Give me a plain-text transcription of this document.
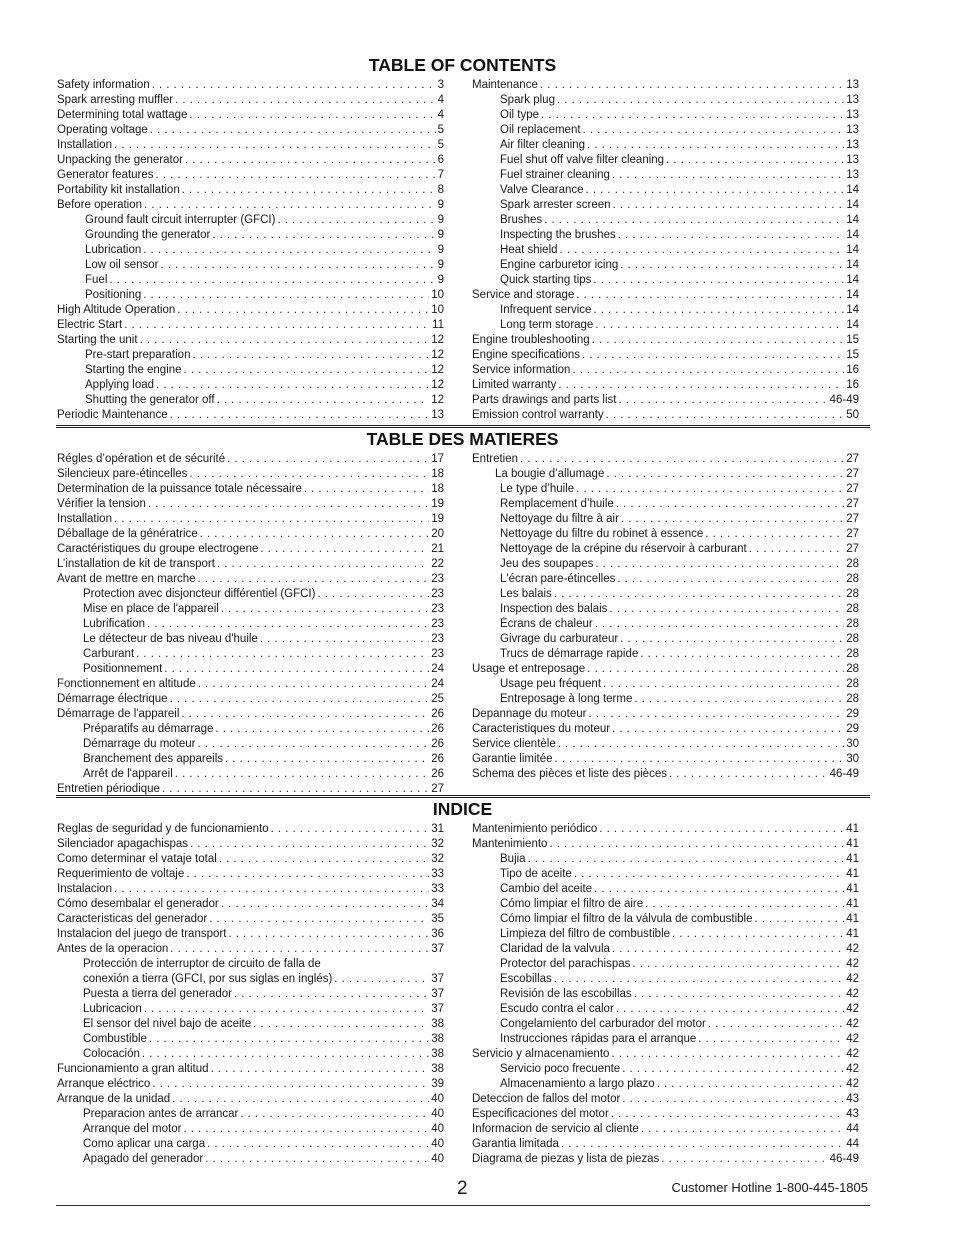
TABLE OF CONTENTS
Safety information . . .	3
Spark arresting muffler . . .	4
Determining total wattage . . .	4
Operating voltage . . .	5
Installation . . .	5
Unpacking the generator . . .	6
Generator features . . .	7
Portability kit installation . . .	8
Before operation . . .	9
Ground fault circuit interrupter (GFCI) . . .	9
Grounding the generator . . .	9
Lubrication . . .	9
Low oil sensor . . .	9
Fuel . . .	9
Positioning . . .	10
High Altitude Operation . . .	10
Electric Start . . .	11
Starting the unit . . .	12
Pre-start preparation . . .	12
Starting the engine . . .	12
Applying load . . .	12
Shutting the generator off . . .	12
Periodic Maintenance . . .	13
Maintenance . . .	13
Spark plug . . .	13
Oil type . . .	13
Oil replacement . . .	13
Air filter cleaning . . .	13
Fuel shut off valve filter cleaning . . .	13
Fuel strainer cleaning . . .	13
Valve Clearance . . .	14
Spark arrester screen . . .	14
Brushes . . .	14
Inspecting the brushes . . .	14
Heat shield . . .	14
Engine carburetor icing . . .	14
Quick starting tips . . .	14
Service and storage . . .	14
Infrequent service . . .	14
Long term storage . . .	14
Engine troubleshooting . . .	15
Engine specifications . . .	15
Service information . . .	16
Limited warranty . . .	16
Parts drawings and parts list . . .	46-49
Emission control warranty . . .	50
TABLE DES MATIERES
Régles d’opération et de sécurité . . .	17
Silencieux pare-étincelles . . .	18
Determination de la puissance totale nécessaire . . .	18
Vérifier la tension . . .	19
Installation . . .	19
Déballage de la génératrice . . .	20
Caractéristiques du groupe electrogene . . .	21
L’installation de kit de transport . . .	22
Avant de mettre en marche . . .	23
Protection avec disjoncteur différentiel (GFCI) . . .	23
Mise en place de l'appareil . . .	23
Lubrification . . .	23
Le détecteur de bas niveau d'huile . . .	23
Carburant . . .	23
Positionnement . . .	24
Fonctionnement en altitude . . .	24
Démarrage électrique . . .	25
Démarrage de l'appareil . . .	26
Préparatifs au démarrage . . .	26
Démarrage du moteur . . .	26
Branchement des appareils . . .	26
Arrêt de l'appareil . . .	26
Entretien périodique . . .	27
Entretien . . .	27
La bougie d’allumage . . .	27
Le type d’huile . . .	27
Remplacement d’huile . . .	27
Nettoyage du filtre à air . . .	27
Nettoyage du filtre du robinet à essence . . .	27
Nettoyage de la crépine du réservoir à carburant . . .	27
Jeu des soupapes . . .	28
L'écran pare-étincelles . . .	28
Les balais . . .	28
Inspection des balais . . .	28
Écrans de chaleur . . .	28
Givrage du carburateur . . .	28
Trucs de démarrage rapide . . .	28
Usage et entreposage . . .	28
Usage peu fréquent . . .	28
Entreposage à long terme . . .	28
Depannage du moteur . . .	29
Caracteristiques du moteur . . .	29
Service clientèle . . .	30
Garantie limitée . . .	30
Schema des pièces et liste des pièces . . .	46-49
INDICE
Reglas de seguridad y de funcionamiento . . .	31
Silenciador apagachispas . . .	32
Como determinar el vataje total . . .	32
Requerimiento de voltaje . . .	33
Instalacion . . .	33
Cómo desembalar el generador . . .	34
Caracteristicas del generador . . .	35
Instalacion del juego de transport . . .	36
Antes de la operacion . . .	37
Protección de interruptor de circuito de falla de
conexión a tierra (GFCI, por sus siglas en inglés) . . .	37
Puesta a tierra del generador . . .	37
Lubricacion . . .	37
El sensor del nivel bajo de aceite . . .	38
Combustible . . .	38
Colocación . . .	38
Funcionamiento a gran altitud . . .	38
Arranque eléctrico . . .	39
Arranque de la unidad . . .	40
Preparacion antes de arrancar . . .	40
Arranque del motor . . .	40
Como aplicar una carga . . .	40
Apagado del generador . . .	40
Mantenimiento periódico . . .	41
Mantenimiento . . .	41
Bujia . . .	41
Tipo de aceite . . .	41
Cambio del aceite . . .	41
Cómo limpiar el filtro de aire . . .	41
Cómo limpiar el filtro de la válvula de combustible . . .	41
Limpieza del filtro de combustible . . .	41
Claridad de la valvula . . .	42
Protector del parachispas . . .	42
Escobillas . . .	42
Revisión de las escobillas . . .	42
Escudo contra el calor . . .	42
Congelamiento del carburador del motor . . .	42
Instrucciones rápidas para el arranque . . .	42
Servicio y almacenamiento . . .	42
Servicio poco frecuente . . .	42
Almacenamiento a largo plazo . . .	42
Deteccion de fallos del motor . . .	43
Especificaciones del motor . . .	43
Informacion de servicio al cliente . . .	44
Garantia limitada . . .	44
Diagrama de piezas y lista de piezas . . .	46-49
2	Customer Hotline 1-800-445-1805
